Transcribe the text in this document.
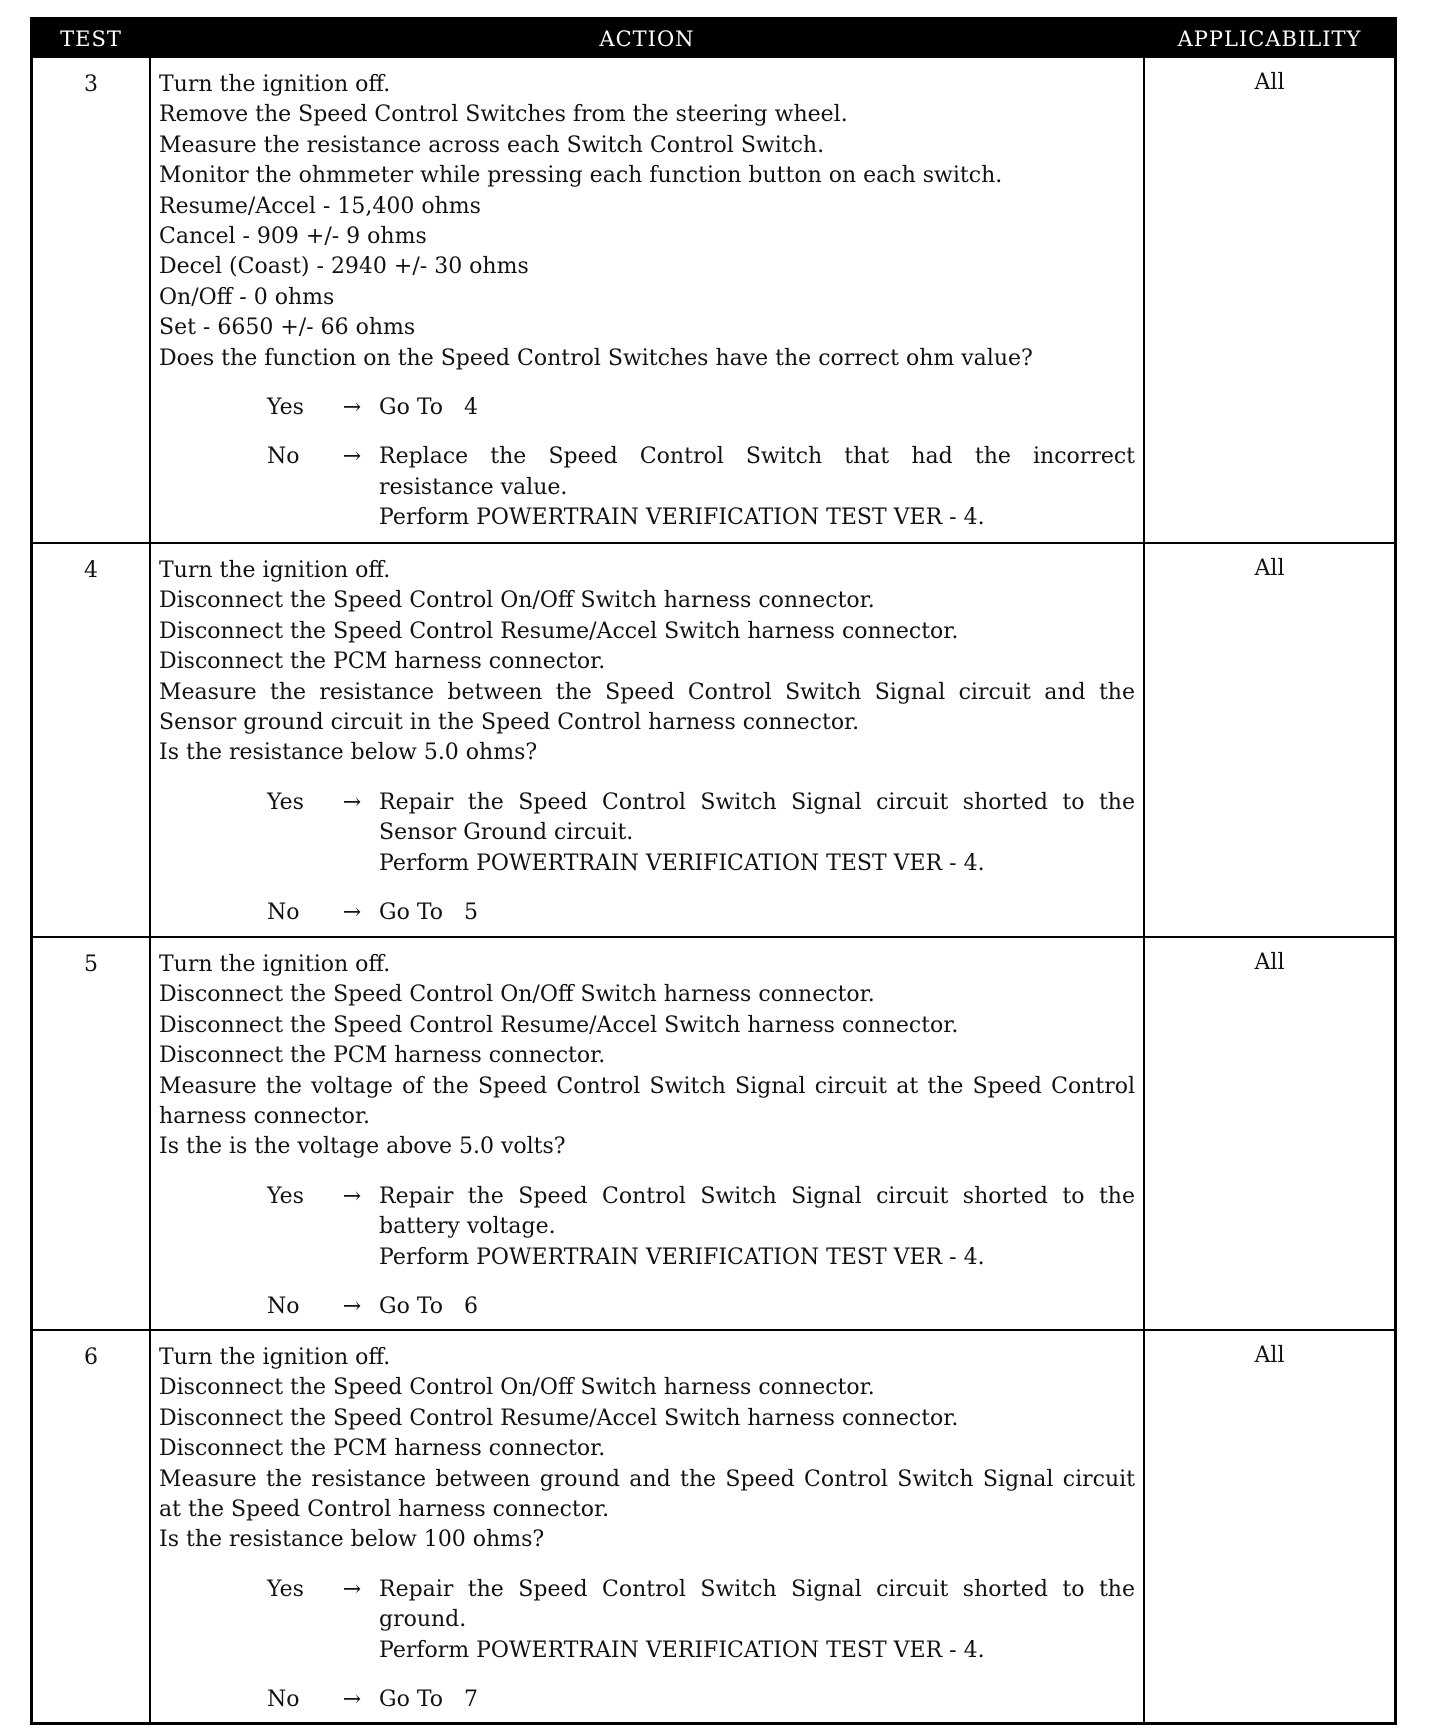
TEST	ACTION	APPLICABILITY
3	Turn the ignition off.
Remove the Speed Control Switches from the steering wheel.
Measure the resistance across each Switch Control Switch.
Monitor the ohmmeter while pressing each function button on each switch.
Resume/Accel - 15,400 ohms
Cancel - 909 +/- 9 ohms
Decel (Coast) - 2940 +/- 30 ohms
On/Off - 0 ohms
Set - 6650 +/- 66 ohms
Does the function on the Speed Control Switches have the correct ohm value?
Yes	→ Go To   4
No	→ Replace the Speed Control Switch that had the incorrect resistance value.
Perform POWERTRAIN VERIFICATION TEST VER - 4.
All
4	Turn the ignition off.
Disconnect the Speed Control On/Off Switch harness connector.
Disconnect the Speed Control Resume/Accel Switch harness connector.
Disconnect the PCM harness connector.
Measure the resistance between the Speed Control Switch Signal circuit and the Sensor ground circuit in the Speed Control harness connector.
Is the resistance below 5.0 ohms?
Yes	→ Repair the Speed Control Switch Signal circuit shorted to the Sensor Ground circuit.
Perform POWERTRAIN VERIFICATION TEST VER - 4.
No	→ Go To   5
All
5	Turn the ignition off.
Disconnect the Speed Control On/Off Switch harness connector.
Disconnect the Speed Control Resume/Accel Switch harness connector.
Disconnect the PCM harness connector.
Measure the voltage of the Speed Control Switch Signal circuit at the Speed Control harness connector.
Is the is the voltage above 5.0 volts?
Yes	→ Repair the Speed Control Switch Signal circuit shorted to the battery voltage.
Perform POWERTRAIN VERIFICATION TEST VER - 4.
No	→ Go To   6
All
6	Turn the ignition off.
Disconnect the Speed Control On/Off Switch harness connector.
Disconnect the Speed Control Resume/Accel Switch harness connector.
Disconnect the PCM harness connector.
Measure the resistance between ground and the Speed Control Switch Signal circuit at the Speed Control harness connector.
Is the resistance below 100 ohms?
Yes	→ Repair the Speed Control Switch Signal circuit shorted to the ground.
Perform POWERTRAIN VERIFICATION TEST VER - 4.
No	→ Go To   7
All
